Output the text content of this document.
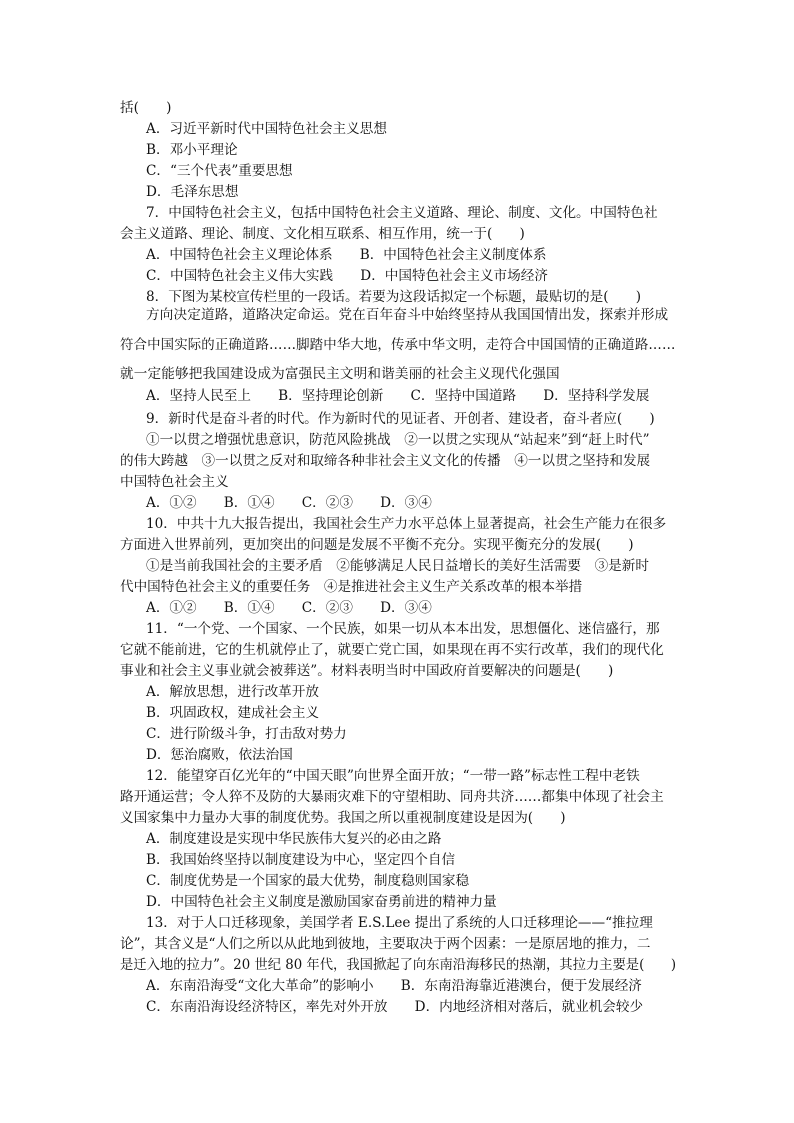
括(　　)
A．习近平新时代中国特色社会主义思想
B．邓小平理论
C．“三个代表”重要思想
D．毛泽东思想
7．中国特色社会主义，包括中国特色社会主义道路、理论、制度、文化。中国特色社
会主义道路、理论、制度、文化相互联系、相互作用，统一于(　　)
A．中国特色社会主义理论体系　　B．中国特色社会主义制度体系
C．中国特色社会主义伟大实践　　D．中国特色社会主义市场经济
8．下图为某校宣传栏里的一段话。若要为这段话拟定一个标题，最贴切的是(　　)
方向决定道路，道路决定命运。党在百年奋斗中始终坚持从我国国情出发，探索并形成
符合中国实际的正确道路……脚踏中华大地，传承中华文明，走符合中国国情的正确道路……
就一定能够把我国建设成为富强民主文明和谐美丽的社会主义现代化强国
A．坚持人民至上　　B．坚持理论创新　　C．坚持中国道路　　D．坚持科学发展
9．新时代是奋斗者的时代。作为新时代的见证者、开创者、建设者，奋斗者应(　　)
①一以贯之增强忧患意识，防范风险挑战　②一以贯之实现从“站起来”到“赶上时代”
的伟大跨越　③一以贯之反对和取缔各种非社会主义文化的传播　④一以贯之坚持和发展
中国特色社会主义
A．①②　　B．①④　　C．②③　　D．③④
10．中共十九大报告提出，我国社会生产力水平总体上显著提高，社会生产能力在很多
方面进入世界前列，更加突出的问题是发展不平衡不充分。实现平衡充分的发展(　　)
①是当前我国社会的主要矛盾　②能够满足人民日益增长的美好生活需要　③是新时
代中国特色社会主义的重要任务　④是推进社会主义生产关系改革的根本举措
A．①②　　B．①④　　C．②③　　D．③④
11．“一个党、一个国家、一个民族，如果一切从本本出发，思想僵化、迷信盛行，那
它就不能前进，它的生机就停止了，就要亡党亡国，如果现在再不实行改革，我们的现代化
事业和社会主义事业就会被葬送”。材料表明当时中国政府首要解决的问题是(　　)
A．解放思想，进行改革开放
B．巩固政权，建成社会主义
C．进行阶级斗争，打击敌对势力
D．惩治腐败，依法治国
12．能望穿百亿光年的“中国天眼”向世界全面开放；“一带一路”标志性工程中老铁
路开通运营；令人猝不及防的大暴雨灾难下的守望相助、同舟共济……都集中体现了社会主
义国家集中力量办大事的制度优势。我国之所以重视制度建设是因为(　　)
A．制度建设是实现中华民族伟大复兴的必由之路
B．我国始终坚持以制度建设为中心，坚定四个自信
C．制度优势是一个国家的最大优势，制度稳则国家稳
D．中国特色社会主义制度是激励国家奋勇前进的精神力量
13．对于人口迁移现象，美国学者 E.S.Lee 提出了系统的人口迁移理论——“推拉理
论”，其含义是“人们之所以从此地到彼地，主要取决于两个因素：一是原居地的推力，二
是迁入地的拉力”。20 世纪 80 年代，我国掀起了向东南沿海移民的热潮，其拉力主要是(　　)
A．东南沿海受“文化大革命”的影响小　　B．东南沿海靠近港澳台，便于发展经济
C．东南沿海设经济特区，率先对外开放　　D．内地经济相对落后，就业机会较少
